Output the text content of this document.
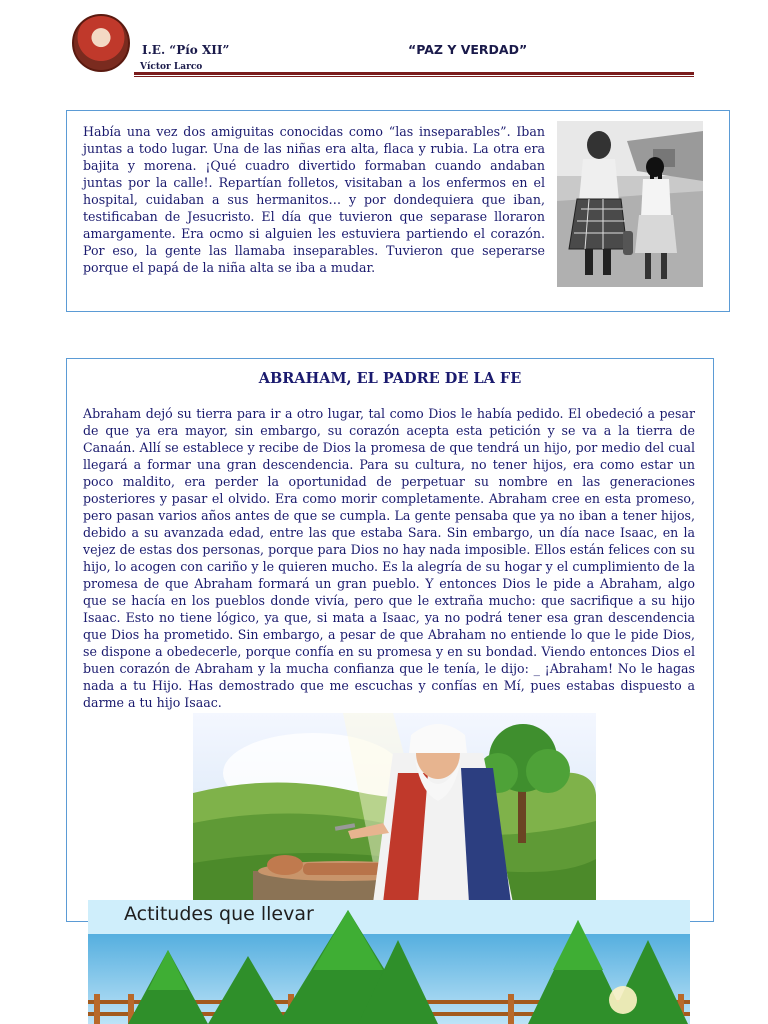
I.E. “Pío XII”
Víctor Larco
“PAZ Y VERDAD”
Había una vez dos amiguitas conocidas como “las inseparables”. Iban juntas a todo lugar. Una de las niñas era alta, flaca y rubia. La otra era bajita y morena. ¡Qué cuadro divertido formaban cuando andaban juntas por la calle!. Repartían folletos, visitaban a los enfermos en el hospital, cuidaban a sus hermanitos… y por dondequiera que iban, testificaban de Jesucristo. El día que tuvieron que separase lloraron amargamente. Era ocmo si alguien les estuviera partiendo el corazón. Por eso, la gente las llamaba inseparables. Tuvieron que seperarse porque el papá de la niña alta se iba a mudar.
ABRAHAM, EL PADRE DE LA FE
Abraham dejó su tierra para ir a otro lugar, tal como Dios le había pedido. El obedeció a pesar de que ya era mayor, sin embargo, su corazón acepta esta petición y se va a la tierra de Canaán. Allí se establece y recibe de Dios la promesa de que tendrá un hijo, por medio del cual llegará a formar una gran descendencia. Para su cultura, no tener hijos, era como estar un poco maldito, era perder la oportunidad de perpetuar su nombre en las generaciones posteriores y pasar el olvido. Era como morir completamente. Abraham cree en esta promeso, pero pasan varios años antes de que se cumpla. La gente pensaba que ya no iban a tener hijos, debido a su avanzada edad, entre las que estaba Sara. Sin embargo, un día nace Isaac, en la vejez de estas dos personas, porque para Dios no hay nada imposible. Ellos están felices con su hijo, lo acogen con cariño y le quieren mucho. Es la alegría de su hogar y el cumplimiento de la promesa de que Abraham formará un gran pueblo. Y entonces Dios le pide a Abraham, algo que se hacía en los pueblos donde vivía, pero que le extraña mucho: que sacrifique a su hijo Isaac. Esto no tiene lógico, ya que, si mata a Isaac, ya no podrá tener esa gran descendencia que Dios ha prometido. Sin embargo, a pesar de que Abraham no entiende lo que le pide Dios, se dispone a obedecerle, porque confía en su promesa y en su bondad. Viendo entonces Dios el buen corazón de Abraham y la mucha confianza que le tenía, le dijo: _ ¡Abraham! No le hagas nada a tu Hijo. Has demostrado que me escuchas y confías en Mí, pues estabas dispuesto a darme a tu hijo Isaac.
Actitudes que llevar
